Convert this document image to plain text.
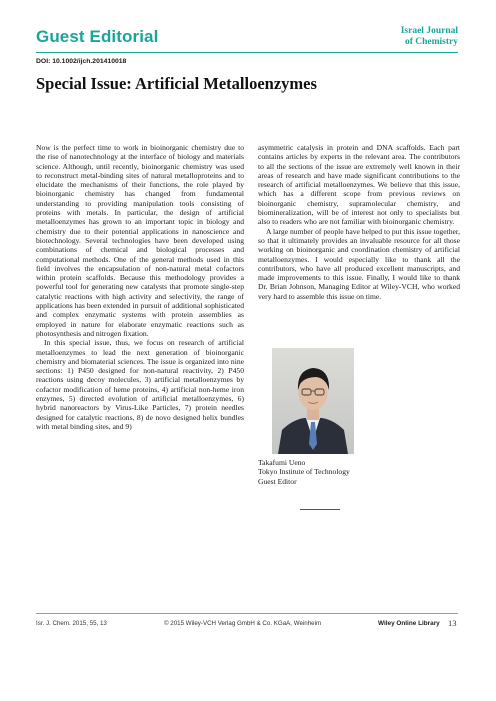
Guest Editorial	Israel Journal
of Chemistry
DOI: 10.1002/ijch.201410018
Special Issue: Artificial Metalloenzymes

Now is the perfect time to work in bioinorganic chemistry due to the rise of nanotechnology at the interface of biology and materials science. Although, until recently, bioinorganic chemistry was used to reconstruct metal-binding sites of natural metalloproteins and to elucidate the mechanisms of their functions, the role played by bioinorganic chemistry has changed from fundamental understanding to providing manipulation tools consisting of proteins with metals. In particular, the design of artificial metalloenzymes has grown to an important topic in biology and chemistry due to their potential applications in nanoscience and biotechnology. Several technologies have been developed using combinations of chemical and biological processes and computational methods. One of the general methods used in this field involves the encapsulation of non-natural metal cofactors within protein scaffolds. Because this methodology provides a powerful tool for generating new catalysts that promote single-step catalytic reactions with high activity and selectivity, the range of applications has been extended in pursuit of additional sophisticated and complex enzymatic systems with protein assemblies as employed in nature for elaborate enzymatic reactions such as photosynthesis and nitrogen fixation.

In this special issue, thus, we focus on research of artificial metalloenzymes to lead the next generation of bioinorganic chemistry and biomaterial sciences. The issue is organized into nine sections: 1) P450 designed for non-natural reactivity, 2) P450 reactions using decoy molecules, 3) artificial metalloenzymes by cofactor modification of heme proteins, 4) artificial non-heme iron enzymes, 5) directed evolution of artificial metalloenzymes, 6) hybrid nanoreactors by Virus-Like Particles, 7) protein needles designed for catalytic reactions, 8) de novo designed helix bundles with metal binding sites, and 9)

asymmetric catalysis in protein and DNA scaffolds. Each part contains articles by experts in the relevant area. The contributors to all the sections of the issue are extremely well known in their areas of research and have made significant contributions to the research of artificial metalloenzymes. We believe that this issue, which has a different scope from previous reviews on bioinorganic chemistry, supramolecular chemistry, and biomineralization, will be of interest not only to specialists but also to readers who are not familiar with bioinorganic chemistry.

A large number of people have helped to put this issue together, so that it ultimately provides an invaluable resource for all those working on bioinorganic and coordination chemistry of artificial metalloenzymes. I would especially like to thank all the contributors, who have all produced excellent manuscripts, and made improvements to this issue. Finally, I would like to thank Dr. Brian Johnson, Managing Editor at Wiley-VCH, who worked very hard to assemble this issue on time.

Takafumi Ueno
Tokyo Institute of Technology
Guest Editor
Isr. J. Chem. 2015, 55, 13	© 2015 Wiley-VCH Verlag GmbH & Co. KGaA, Weinheim	Wiley Online Library 13
